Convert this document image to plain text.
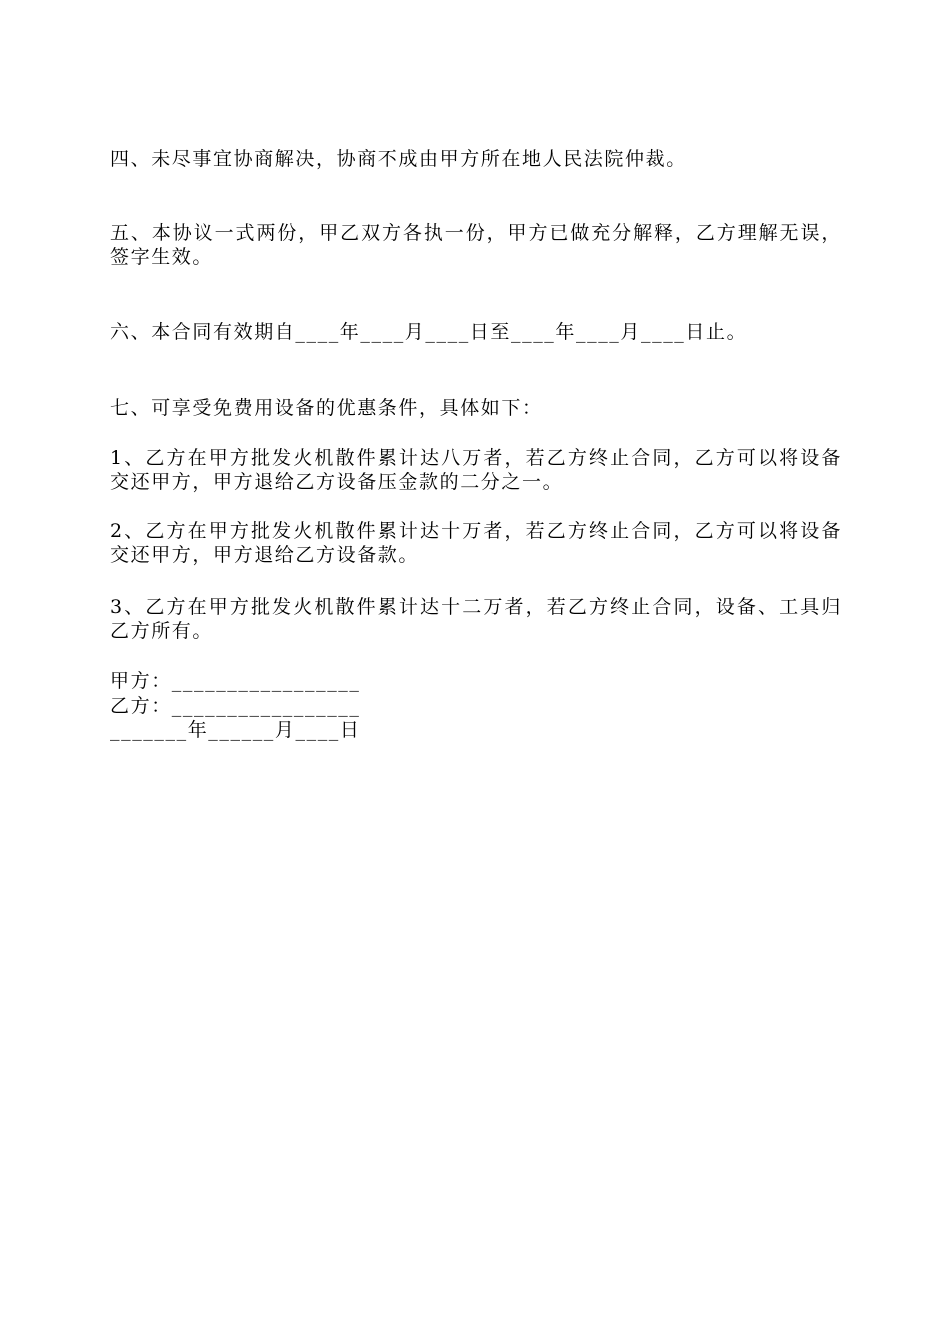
四、未尽事宜协商解决，协商不成由甲方所在地人民法院仲裁。

五、本协议一式两份，甲乙双方各执一份，甲方已做充分解释，乙方理解无误，签字生效。

六、本合同有效期自____年____月____日至____年____月____日止。

七、可享受免费用设备的优惠条件，具体如下：

1、乙方在甲方批发火机散件累计达八万者，若乙方终止合同，乙方可以将设备交还甲方，甲方退给乙方设备压金款的二分之一。

2、乙方在甲方批发火机散件累计达十万者，若乙方终止合同，乙方可以将设备交还甲方，甲方退给乙方设备款。

3、乙方在甲方批发火机散件累计达十二万者，若乙方终止合同，设备、工具归乙方所有。

甲方：_________________

乙方：_________________

_______年______月____日
